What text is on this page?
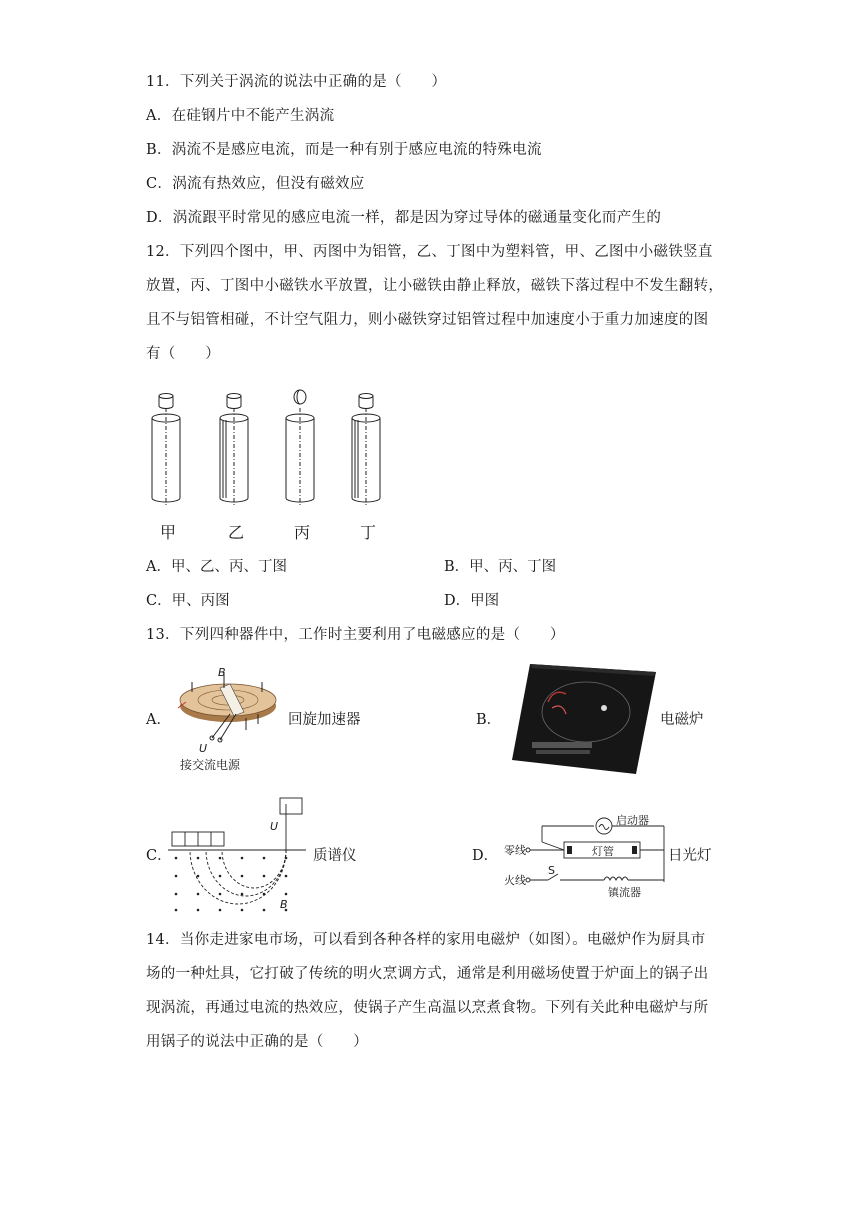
11．下列关于涡流的说法中正确的是（　　）
A．在硅钢片中不能产生涡流
B．涡流不是感应电流，而是一种有别于感应电流的特殊电流
C．涡流有热效应，但没有磁效应
D．涡流跟平时常见的感应电流一样，都是因为穿过导体的磁通量变化而产生的
12．下列四个图中，甲、丙图中为铝管，乙、丁图中为塑料管，甲、乙图中小磁铁竖直
放置，丙、丁图中小磁铁水平放置，让小磁铁由静止释放，磁铁下落过程中不发生翻转，
且不与铝管相碰，不计空气阻力，则小磁铁穿过铝管过程中加速度小于重力加速度的图
有（　　）
甲	乙	丙	丁
A．甲、乙、丙、丁图	B．甲、丙、丁图
C．甲、丙图	D．甲图
13．下列四种器件中，工作时主要利用了电磁感应的是（　　）
A．
B
U
接交流电源
回旋加速器	B．	电磁炉
C．
U
B
质谱仪	D．
启动器
零线	灯管
火线
S
镇流器
日光灯
14．当你走进家电市场，可以看到各种各样的家用电磁炉（如图）。电磁炉作为厨具市
场的一种灶具，它打破了传统的明火烹调方式，通常是利用磁场使置于炉面上的锅子出
现涡流，再通过电流的热效应，使锅子产生高温以烹煮食物。下列有关此种电磁炉与所
用锅子的说法中正确的是（　　）
